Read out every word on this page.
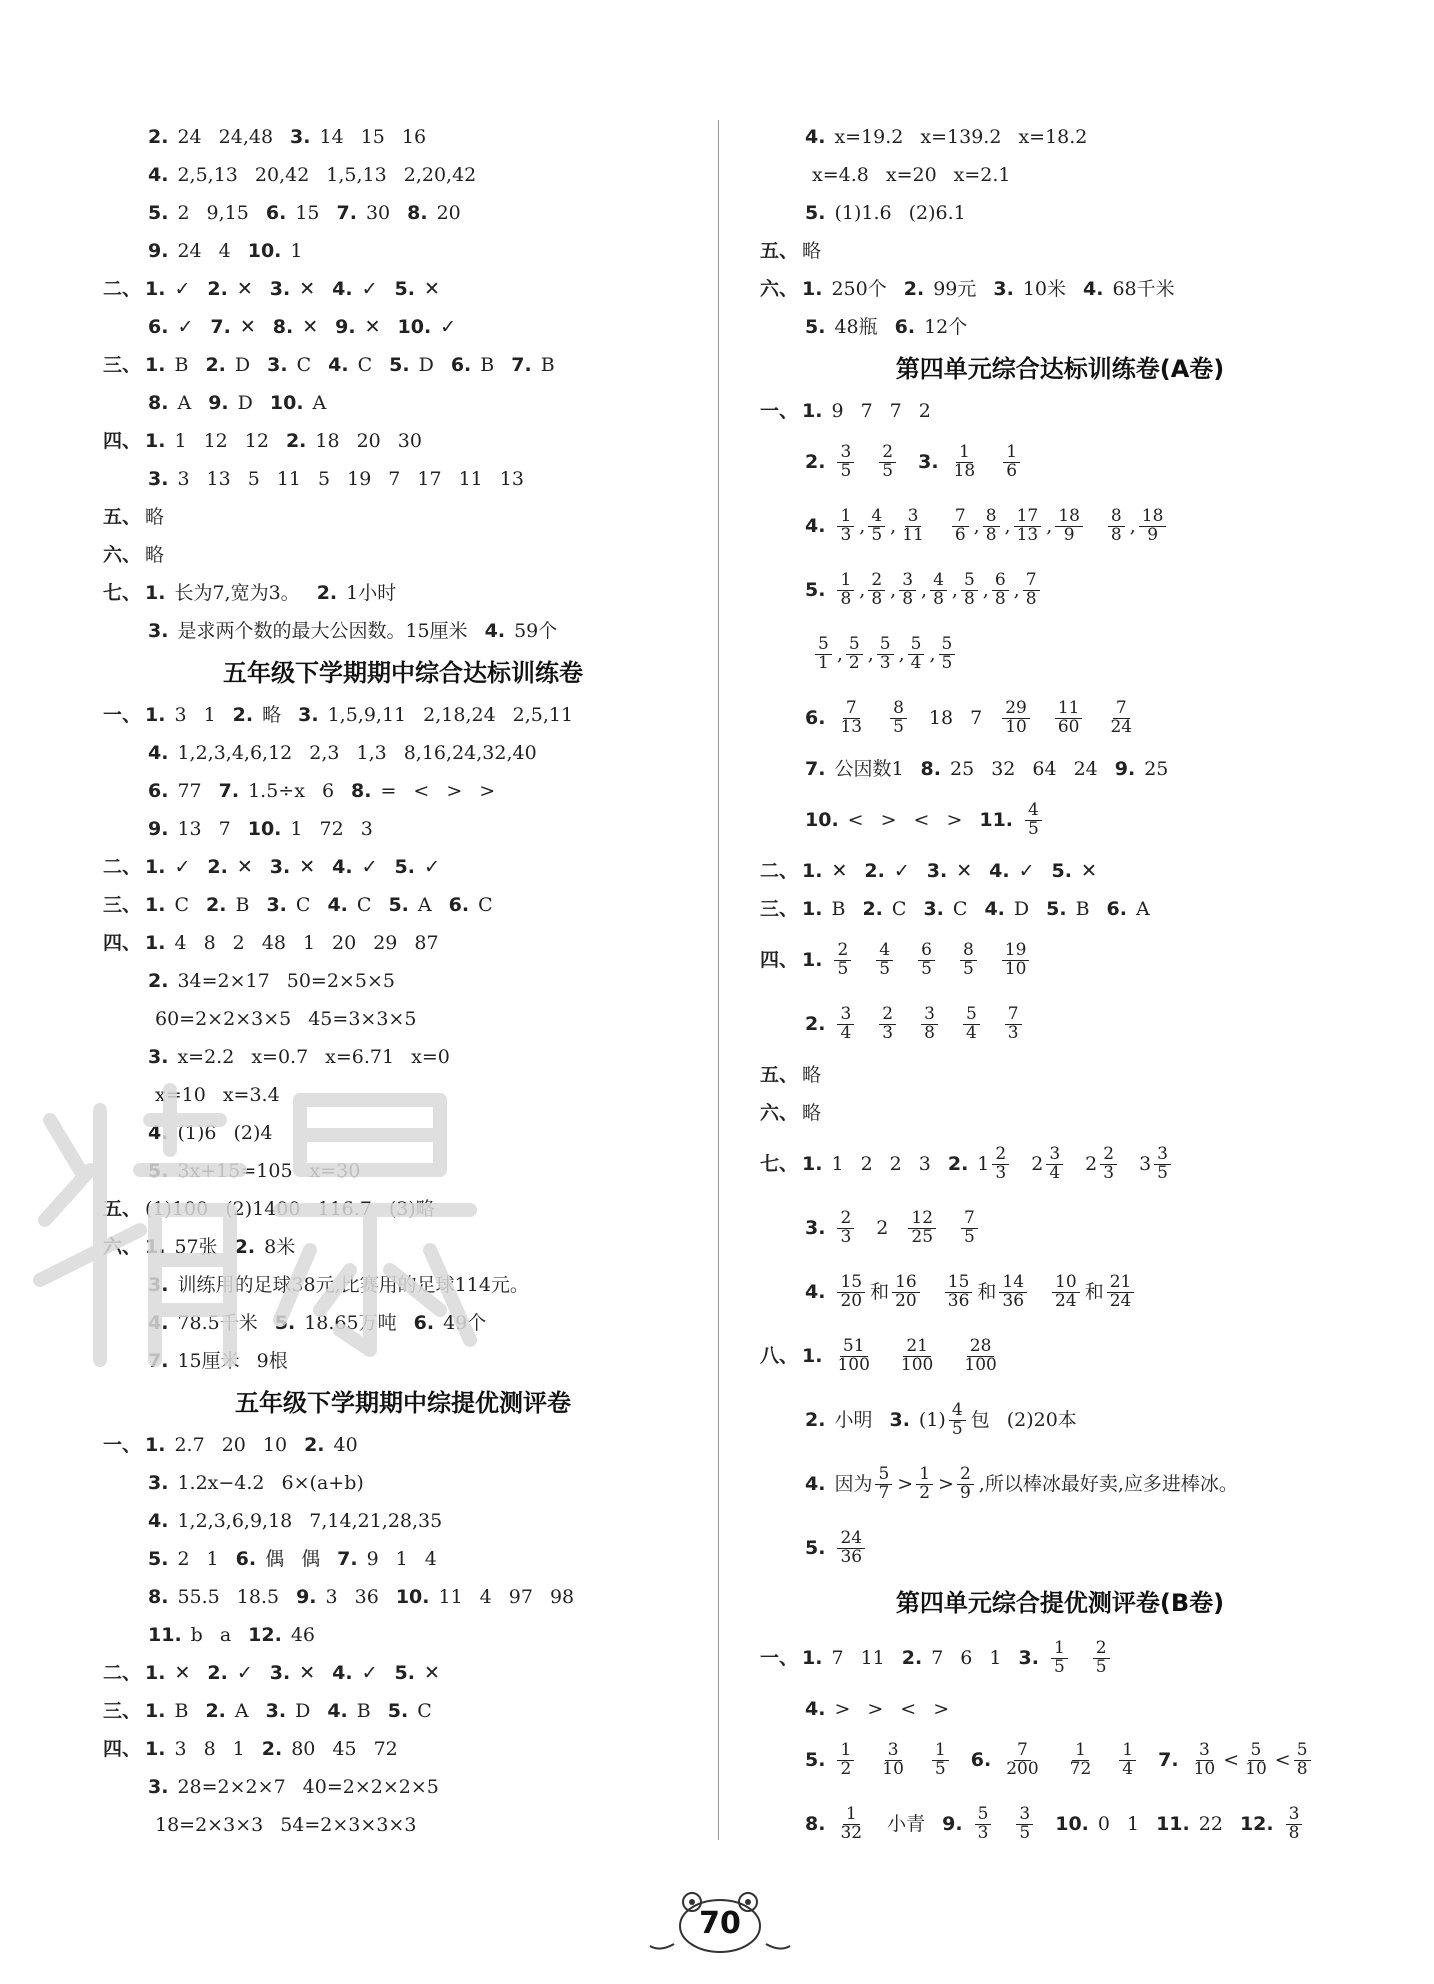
2. 24 24,48 3. 14 15 16
4. 2,5,13 20,42 1,5,13 2,20,42
5. 2 9,15 6. 15 7. 30 8. 20
9. 24 4 10. 1
二、 1. ✓ 2. ✕ 3. ✕ 4. ✓ 5. ✕
6. ✓ 7. ✕ 8. ✕ 9. ✕ 10. ✓
三、 1. B 2. D 3. C 4. C 5. D 6. B 7. B
8. A 9. D 10. A
四、 1. 1 12 12 2. 18 20 30
3. 3 13 5 11 5 19 7 17 11 13
五、 略
六、 略
七、 1. 长为7,宽为3。 2. 1小时
3. 是求两个数的最大公因数。15厘米 4. 59个
五年级下学期期中综合达标训练卷
一、 1. 3 1 2. 略 3. 1,5,9,11 2,18,24 2,5,11
4. 1,2,3,4,6,12 2,3 1,3 8,16,24,32,40
6. 77 7. 1.5÷x 6 8. = < > >
9. 13 7 10. 1 72 3
二、 1. ✓ 2. ✕ 3. ✕ 4. ✓ 5. ✓
三、 1. C 2. B 3. C 4. C 5. A 6. C
四、 1. 4 8 2 48 1 20 29 87
2. 34=2×17 50=2×5×5
60=2×2×3×5 45=3×3×5
3. x=2.2 x=0.7 x=6.71 x=0
x=10 x=3.4
4. (1)6 (2)4
5. 3x+15=105 x=30
五、 (1)100 (2)1400 116.7 (3)略
六、 1. 57张 2. 8米
3. 训练用的足球38元,比赛用的足球114元。
4. 78.5千米 5. 18.65万吨 6. 49个
7. 15厘米 9根
五年级下学期期中综提优测评卷
一、 1. 2.7 20 10 2. 40
3. 1.2x−4.2 6×(a+b)
4. 1,2,3,6,9,18 7,14,21,28,35
5. 2 1 6. 偶 偶 7. 9 1 4
8. 55.5 18.5 9. 3 36 10. 11 4 97 98
11. b a 12. 46
二、 1. ✕ 2. ✓ 3. ✕ 4. ✓ 5. ✕
三、 1. B 2. A 3. D 4. B 5. C
四、 1. 3 8 1 2. 80 45 72
3. 28=2×2×7 40=2×2×2×5
18=2×3×3 54=2×3×3×3
4. x=19.2 x=139.2 x=18.2
x=4.8 x=20 x=2.1
5. (1)1.6 (2)6.1
五、 略
六、 1. 250个 2. 99元 3. 10米 4. 68千米
5. 48瓶 6. 12个
第四单元综合达标训练卷(A卷)
一、 1. 9 7 7 2
2. $\frac{3}{5} \frac{2}{5} 3$. $\frac{1}{18} \frac{1}{6}$
4. $\frac{1}{3}$ , $\frac{4}{5}$ , $\frac{3}{11} \frac{7}{6}$ , $\frac{8}{8}$ , $\frac{17}{13}$ , $\frac{18}{9} \frac{8}{8}$ , $\frac{18}{9}$
5. $\frac{1}{8}$ , $\frac{2}{8}$ , $\frac{3}{8}$ , $\frac{4}{8}$ , $\frac{5}{8}$ , $\frac{6}{8}$ , $\frac{7}{8}$
$\frac{5}{1}$ , $\frac{5}{2}$ , $\frac{5}{3}$ , $\frac{5}{4}$ , $\frac{5}{5}$
6. $\frac{7}{13} \frac{8}{5} 18$ $7 \frac{29}{10} \frac{11}{60} \frac{7}{24}$
7. 公因数1 8. 25 32 64 24 9. 25
10. < > < > 11. $\frac{4}{5}$
二、 1. ✕ 2. ✓ 3. ✕ 4. ✓ 5. ✕
三、 1. B 2. C 3. C 4. D 5. B 6. A
四、 1. $\frac{2}{5} \frac{4}{5} \frac{6}{5} \frac{8}{5} \frac{19}{10}$
2. $\frac{3}{4} \frac{2}{3} \frac{3}{8} \frac{5}{4} \frac{7}{3}$
五、 略
六、 略
七、 1. 1 2 2 3 2. $1 \frac{2}{3} 2 \frac{3}{4} 2 \frac{2}{3} 3 \frac{3}{5}$
3. $\frac{2}{3} 2 \frac{12}{25} \frac{7}{5}$
4. $\frac{15}{20}$ 和 $\frac{16}{20} \frac{15}{36}$ 和 $\frac{14}{36} \frac{10}{24}$ 和 $\frac{21}{24}$
八、 1. $\frac{51}{100} \frac{21}{100} \frac{28}{100}$
2. 小明 3. $(1) \frac{4}{5}$ 包 (2)20本
4. 因为 $\frac{5}{7} > \frac{1}{2} > \frac{2}{9}$ ,所以棒冰最好卖,应多进棒冰。
5. $\frac{24}{36}$
第四单元综合提优测评卷(B卷)
一、 1. 7 11 2. 7 6 1 3. $\frac{1}{5} \frac{2}{5}$
4. > > < >
5. $\frac{1}{2} \frac{3}{10} \frac{1}{5} 6$. $\frac{7}{200} \frac{1}{72} \frac{1}{4} 7$. $\frac{3}{10} < \frac{5}{10} < \frac{5}{8}$
8. $\frac{1}{32}$ 小青 9. $\frac{5}{3} \frac{3}{5} 10$. 0 1 11. 22 12. $\frac{3}{8}$
70
